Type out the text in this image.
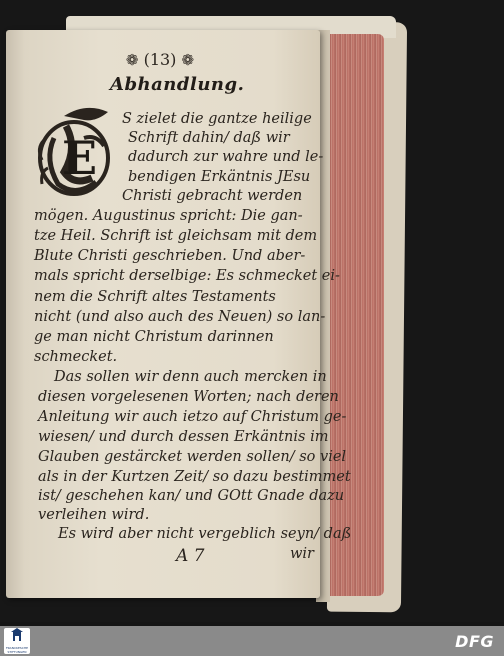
❁ (13) ❁
Abhandlung.
E
S zielet die gantze heilige
Schrift dahin/ daß wir
dadurch zur wahre und le-
bendigen Erkäntnis JEsu
Christi gebracht werden
mögen. Augustinus spricht: Die gan-
tze Heil. Schrift ist gleichsam mit dem
Blute Christi geschrieben. Und aber-
mals spricht derselbige: Es schmecket ei-
nem die Schrift altes Testaments
nicht (und also auch des Neuen) so lan-
ge man nicht Christum darinnen
schmecket.
Das sollen wir denn auch mercken in
diesen vorgelesenen Worten; nach deren
Anleitung wir auch ietzo auf Christum ge-
wiesen/ und durch dessen Erkäntnis im
Glauben gestärcket werden sollen/ so viel
als in der Kurtzen Zeit/ so dazu bestimmet
ist/ geschehen kan/ und GOtt Gnade dazu
verleihen wird.
Es wird aber nicht vergeblich seyn/ daß
A 7	wir
FRANCKESCHE STIFTUNGEN
DFG
